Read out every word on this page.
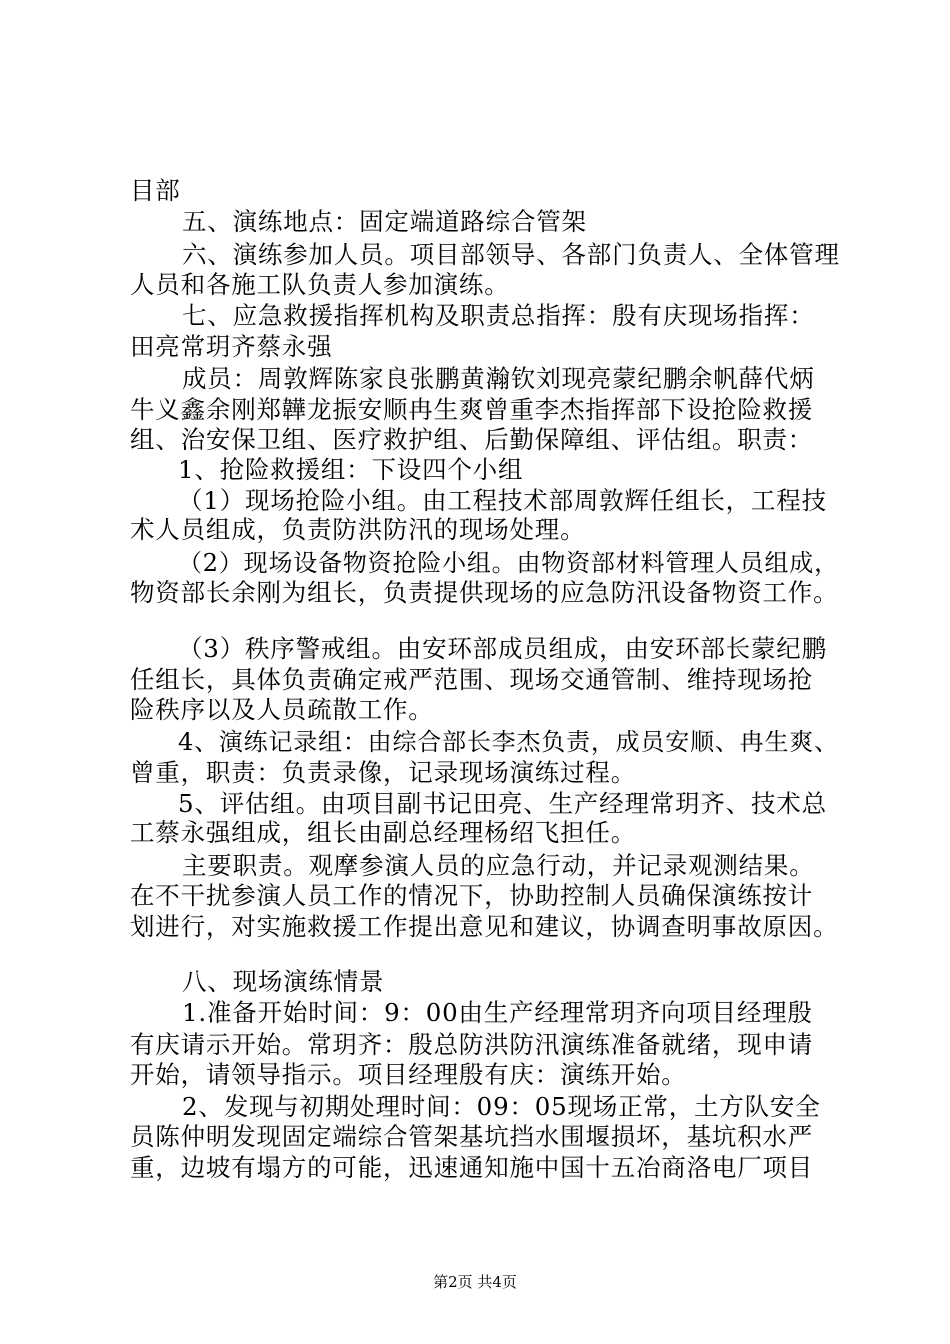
目部
五、演练地点：固定端道路综合管架
六、演练参加人员。项目部领导、各部门负责人、全体管理
人员和各施工队负责人参加演练。
七、应急救援指挥机构及职责总指挥：殷有庆现场指挥：
田亮常玥齐蔡永强
成员：周敦辉陈家良张鹏黄瀚钦刘现亮蒙纪鹏余帆薛代炳
牛义鑫余刚郑韡龙振安顺冉生爽曾重李杰指挥部下设抢险救援
组、治安保卫组、医疗救护组、后勤保障组、评估组。职责：
1、抢险救援组：下设四个小组
（1）现场抢险小组。由工程技术部周敦辉任组长，工程技
术人员组成，负责防洪防汛的现场处理。
（2）现场设备物资抢险小组。由物资部材料管理人员组成，
物资部长余刚为组长，负责提供现场的应急防汛设备物资工作。
（3）秩序警戒组。由安环部成员组成，由安环部长蒙纪鹏
任组长，具体负责确定戒严范围、现场交通管制、维持现场抢
险秩序以及人员疏散工作。
4、演练记录组：由综合部长李杰负责，成员安顺、冉生爽、
曾重，职责：负责录像，记录现场演练过程。
5、评估组。由项目副书记田亮、生产经理常玥齐、技术总
工蔡永强组成，组长由副总经理杨绍飞担任。
主要职责。观摩参演人员的应急行动，并记录观测结果。
在不干扰参演人员工作的情况下，协助控制人员确保演练按计
划进行，对实施救援工作提出意见和建议，协调查明事故原因。
八、现场演练情景
1.准备开始时间：9：00由生产经理常玥齐向项目经理殷
有庆请示开始。常玥齐：殷总防洪防汛演练准备就绪，现申请
开始，请领导指示。项目经理殷有庆：演练开始。
2、发现与初期处理时间：09：05现场正常，土方队安全
员陈仲明发现固定端综合管架基坑挡水围堰损坏，基坑积水严
重，边坡有塌方的可能，迅速通知施中国十五冶商洛电厂项目
第2页 共4页
